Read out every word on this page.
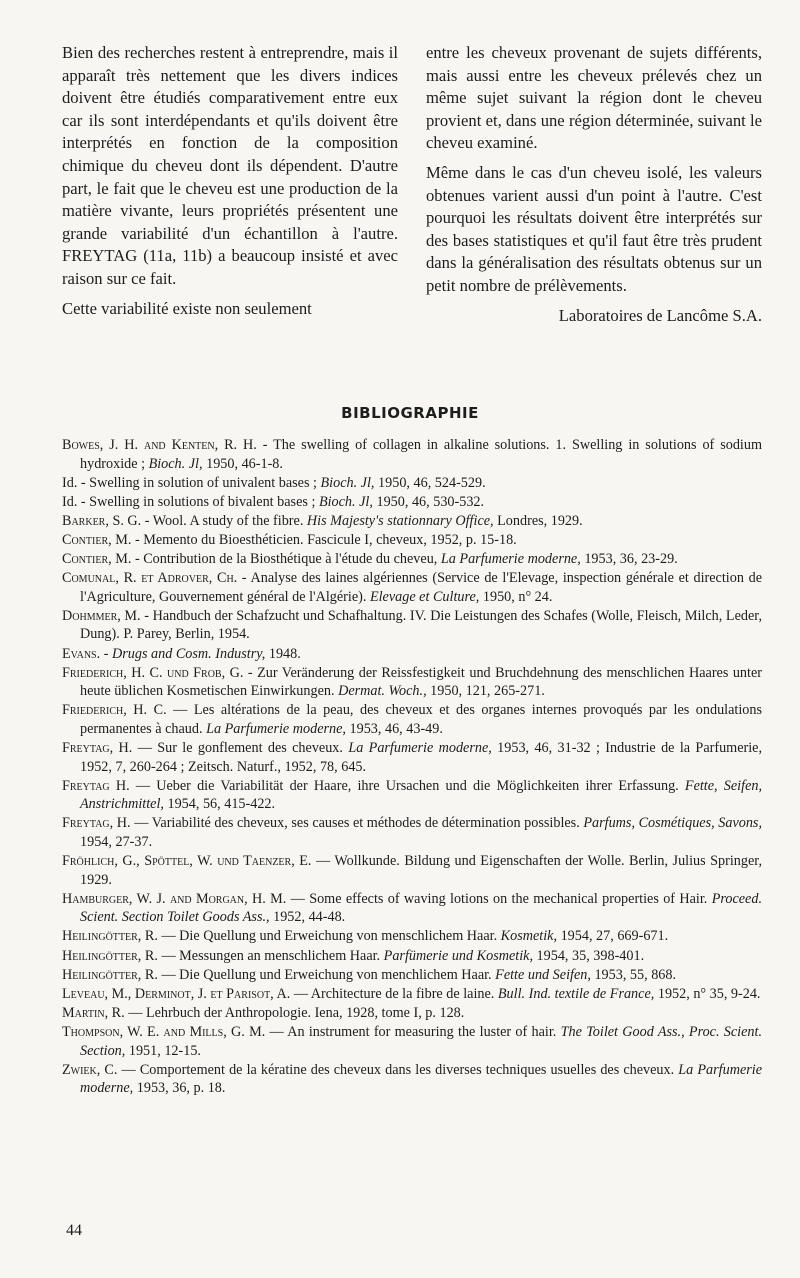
Bien des recherches restent à entreprendre, mais il apparaît très nettement que les divers indices doivent être étudiés comparativement entre eux car ils sont interdépendants et qu'ils doivent être interprétés en fonction de la composition chimique du cheveu dont ils dépendent. D'autre part, le fait que le cheveu est une production de la matière vivante, leurs propriétés présentent une grande variabilité d'un échantillon à l'autre. FREYTAG (11a, 11b) a beaucoup insisté et avec raison sur ce fait.

Cette variabilité existe non seulement

entre les cheveux provenant de sujets différents, mais aussi entre les cheveux prélevés chez un même sujet suivant la région dont le cheveu provient et, dans une région déterminée, suivant le cheveu examiné.

Même dans le cas d'un cheveu isolé, les valeurs obtenues varient aussi d'un point à l'autre. C'est pourquoi les résultats doivent être interprétés sur des bases statistiques et qu'il faut être très prudent dans la généralisation des résultats obtenus sur un petit nombre de prélèvements.

Laboratoires de Lancôme S.A.

BIBLIOGRAPHIE

Bowes, J. H. and Kenten, R. H. - The swelling of collagen in alkaline solutions. 1. Swelling in solutions of sodium hydroxide ; Bioch. Jl, 1950, 46-1-8.

Id. - Swelling in solution of univalent bases ; Bioch. Jl, 1950, 46, 524-529.

Id. - Swelling in solutions of bivalent bases ; Bioch. Jl, 1950, 46, 530-532.

Barker, S. G. - Wool. A study of the fibre. His Majesty's stationnary Office, Londres, 1929.

Contier, M. - Memento du Bioesthéticien. Fascicule I, cheveux, 1952, p. 15-18.

Contier, M. - Contribution de la Biosthétique à l'étude du cheveu, La Parfumerie moderne, 1953, 36, 23-29.

Comunal, R. et Adrover, Ch. - Analyse des laines algériennes (Service de l'Elevage, inspection générale et direction de l'Agriculture, Gouvernement général de l'Algérie). Elevage et Culture, 1950, n° 24.

Dohmmer, M. - Handbuch der Schafzucht und Schafhaltung. IV. Die Leistungen des Schafes (Wolle, Fleisch, Milch, Leder, Dung). P. Parey, Berlin, 1954.

Evans. - Drugs and Cosm. Industry, 1948.

Friederich, H. C. und Frob, G. - Zur Veränderung der Reissfestigkeit und Bruchdehnung des menschlichen Haares unter heute üblichen Kosmetischen Einwirkungen. Dermat. Woch., 1950, 121, 265-271.

Friederich, H. C. — Les altérations de la peau, des cheveux et des organes internes provoqués par les ondulations permanentes à chaud. La Parfumerie moderne, 1953, 46, 43-49.

Freytag, H. — Sur le gonflement des cheveux. La Parfumerie moderne, 1953, 46, 31-32 ; Industrie de la Parfumerie, 1952, 7, 260-264 ; Zeitsch. Naturf., 1952, 78, 645.

Freytag H. — Ueber die Variabilität der Haare, ihre Ursachen und die Möglichkeiten ihrer Erfassung. Fette, Seifen, Anstrichmittel, 1954, 56, 415-422.

Freytag, H. — Variabilité des cheveux, ses causes et méthodes de détermination possibles. Parfums, Cosmétiques, Savons, 1954, 27-37.

Fröhlich, G., Spöttel, W. und Taenzer, E. — Wollkunde. Bildung und Eigenschaften der Wolle. Berlin, Julius Springer, 1929.

Hamburger, W. J. and Morgan, H. M. — Some effects of waving lotions on the mechanical properties of Hair. Proceed. Scient. Section Toilet Goods Ass., 1952, 44-48.

Heilingötter, R. — Die Quellung und Erweichung von menschlichem Haar. Kosmetik, 1954, 27, 669-671.

Heilingötter, R. — Messungen an menschlichem Haar. Parfümerie und Kosmetik, 1954, 35, 398-401.

Heilingötter, R. — Die Quellung und Erweichung von menchlichem Haar. Fette und Seifen, 1953, 55, 868.

Leveau, M., Derminot, J. et Parisot, A. — Architecture de la fibre de laine. Bull. Ind. textile de France, 1952, n° 35, 9-24.

Martin, R. — Lehrbuch der Anthropologie. Iena, 1928, tome I, p. 128.

Thompson, W. E. and Mills, G. M. — An instrument for measuring the luster of hair. The Toilet Good Ass., Proc. Scient. Section, 1951, 12-15.

Zwiek, C. — Comportement de la kératine des cheveux dans les diverses techniques usuelles des cheveux. La Parfumerie moderne, 1953, 36, p. 18.

44
